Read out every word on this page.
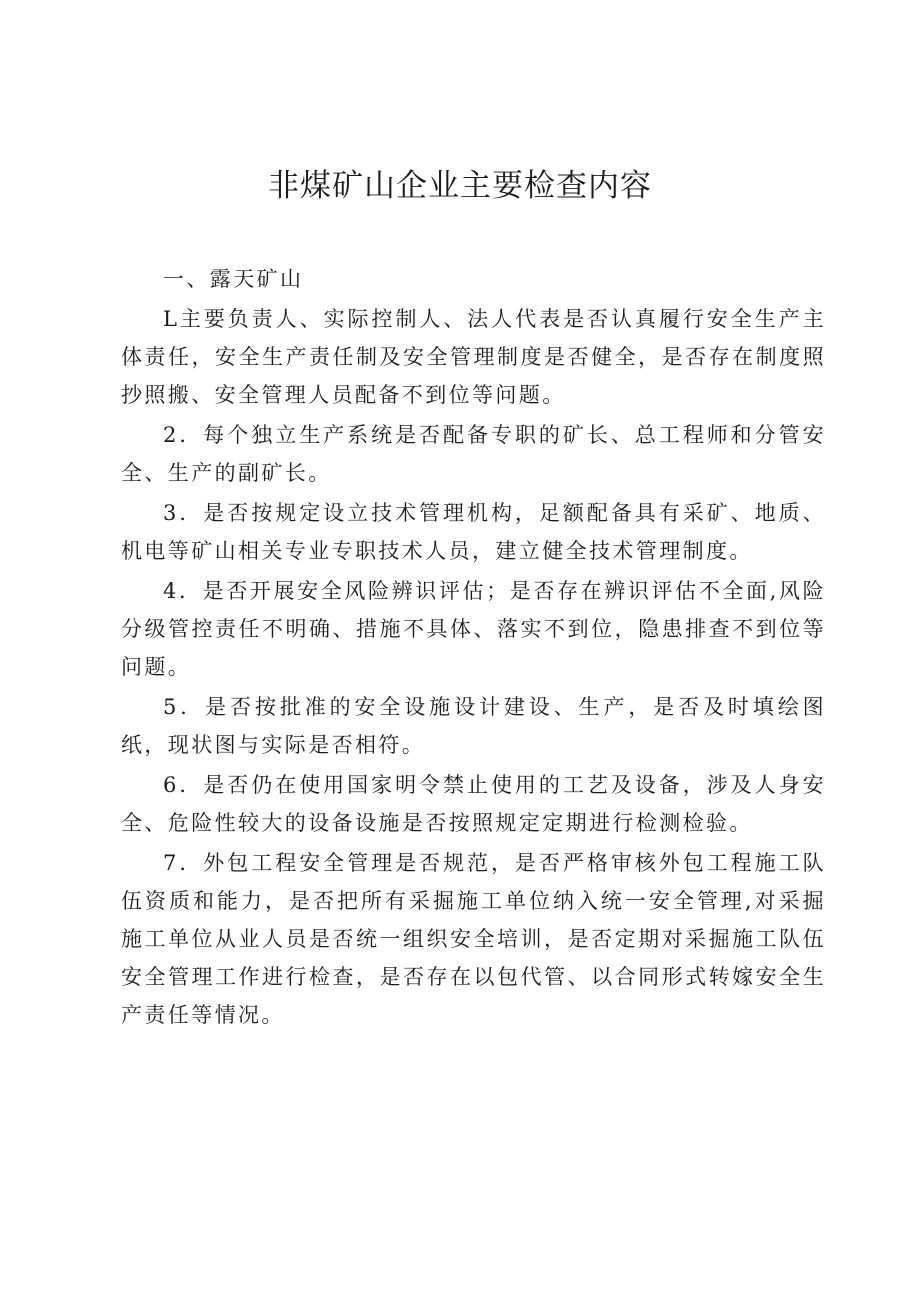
非煤矿山企业主要检查内容

一、露天矿山

L主要负责人、实际控制人、法人代表是否认真履行安全生产主体责任，安全生产责任制及安全管理制度是否健全，是否存在制度照抄照搬、安全管理人员配备不到位等问题。

2．每个独立生产系统是否配备专职的矿长、总工程师和分管安全、生产的副矿长。

3．是否按规定设立技术管理机构，足额配备具有采矿、地质、机电等矿山相关专业专职技术人员，建立健全技术管理制度。

4．是否开展安全风险辨识评估；是否存在辨识评估不全面,风险分级管控责任不明确、措施不具体、落实不到位，隐患排查不到位等问题。

5．是否按批准的安全设施设计建设、生产，是否及时填绘图纸，现状图与实际是否相符。

6．是否仍在使用国家明令禁止使用的工艺及设备，涉及人身安全、危险性较大的设备设施是否按照规定定期进行检测检验。

7．外包工程安全管理是否规范，是否严格审核外包工程施工队伍资质和能力，是否把所有采掘施工单位纳入统一安全管理,对采掘施工单位从业人员是否统一组织安全培训，是否定期对采掘施工队伍安全管理工作进行检查，是否存在以包代管、以合同形式转嫁安全生产责任等情况。
